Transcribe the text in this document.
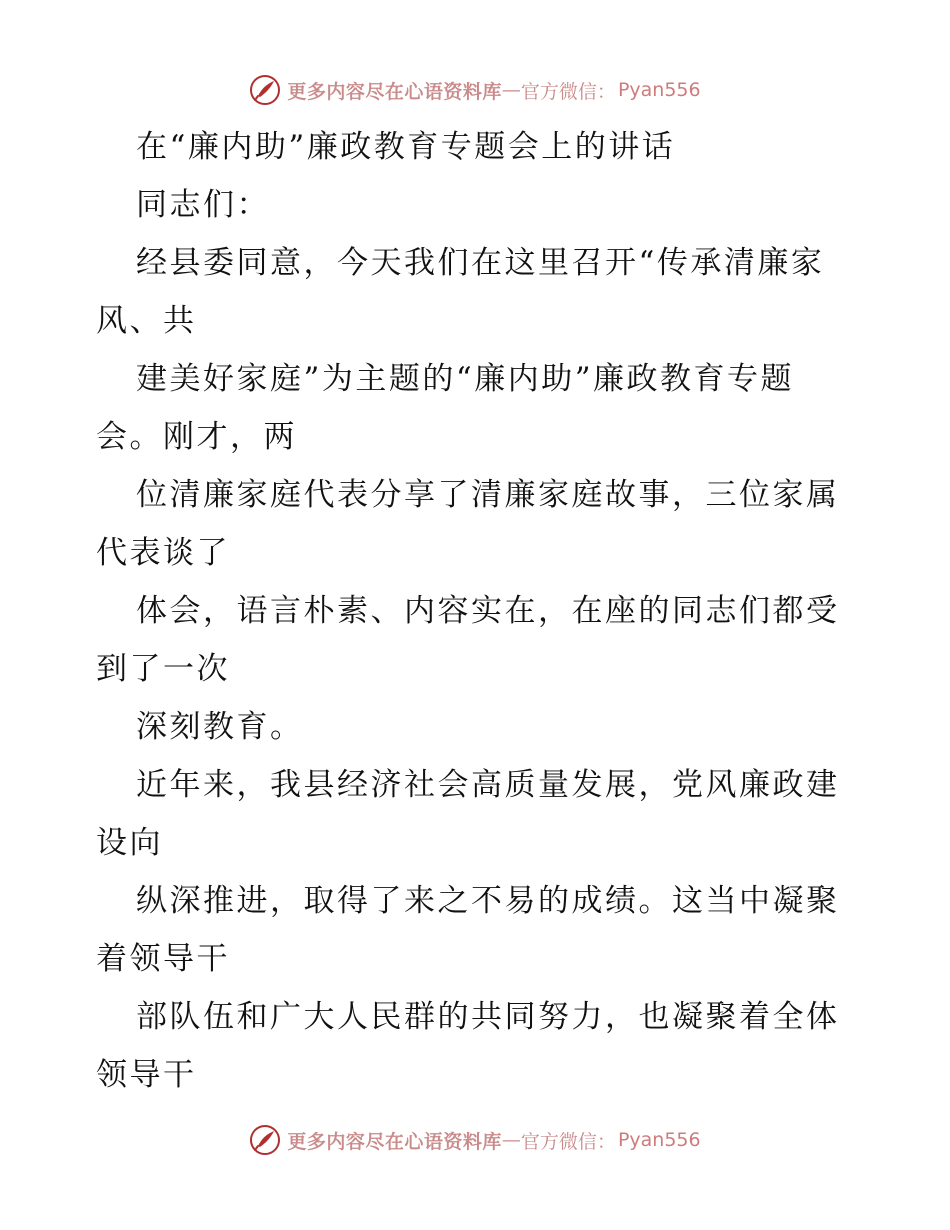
更多内容尽在心语资料库 — 官方微信： Pyan556
在“廉内助”廉政教育专题会上的讲话
同志们：
经县委同意，今天我们在这里召开“传承清廉家
风、共
建美好家庭”为主题的“廉内助”廉政教育专题
会。刚才，两
位清廉家庭代表分享了清廉家庭故事，三位家属
代表谈了
体会，语言朴素、内容实在，在座的同志们都受
到了一次
深刻教育。
近年来，我县经济社会高质量发展，党风廉政建
设向
纵深推进，取得了来之不易的成绩。这当中凝聚
着领导干
部队伍和广大人民群的共同努力，也凝聚着全体
领导干
更多内容尽在心语资料库 — 官方微信： Pyan556
